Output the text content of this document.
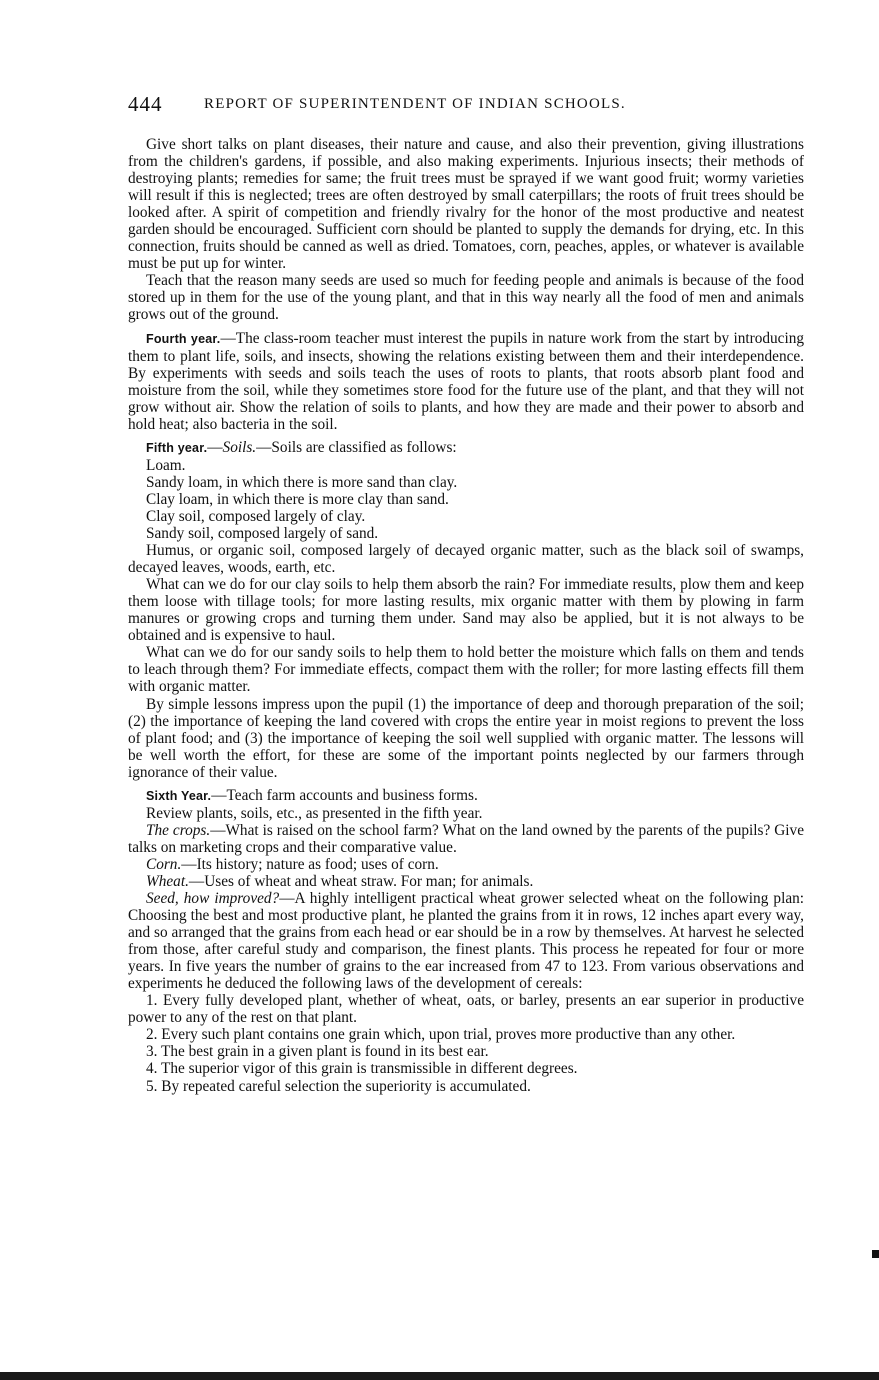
444	REPORT OF SUPERINTENDENT OF INDIAN SCHOOLS.

Give short talks on plant diseases, their nature and cause, and also their prevention, giving illustrations from the children's gardens, if possible, and also making experiments. Injurious insects; their methods of destroying plants; remedies for same; the fruit trees must be sprayed if we want good fruit; wormy varieties will result if this is neglected; trees are often destroyed by small caterpillars; the roots of fruit trees should be looked after. A spirit of competition and friendly rivalry for the honor of the most productive and neatest garden should be encouraged. Sufficient corn should be planted to supply the demands for drying, etc. In this connection, fruits should be canned as well as dried. Tomatoes, corn, peaches, apples, or whatever is available must be put up for winter.

Teach that the reason many seeds are used so much for feeding people and animals is because of the food stored up in them for the use of the young plant, and that in this way nearly all the food of men and animals grows out of the ground.

Fourth year.—The class-room teacher must interest the pupils in nature work from the start by introducing them to plant life, soils, and insects, showing the relations existing between them and their interdependence. By experiments with seeds and soils teach the uses of roots to plants, that roots absorb plant food and moisture from the soil, while they sometimes store food for the future use of the plant, and that they will not grow without air. Show the relation of soils to plants, and how they are made and their power to absorb and hold heat; also bacteria in the soil.

Fifth year.—Soils.—Soils are classified as follows:

Loam.

Sandy loam, in which there is more sand than clay.

Clay loam, in which there is more clay than sand.

Clay soil, composed largely of clay.

Sandy soil, composed largely of sand.

Humus, or organic soil, composed largely of decayed organic matter, such as the black soil of swamps, decayed leaves, woods, earth, etc.

What can we do for our clay soils to help them absorb the rain? For immediate results, plow them and keep them loose with tillage tools; for more lasting results, mix organic matter with them by plowing in farm manures or growing crops and turning them under. Sand may also be applied, but it is not always to be obtained and is expensive to haul.

What can we do for our sandy soils to help them to hold better the moisture which falls on them and tends to leach through them? For immediate effects, compact them with the roller; for more lasting effects fill them with organic matter.

By simple lessons impress upon the pupil (1) the importance of deep and thorough preparation of the soil; (2) the importance of keeping the land covered with crops the entire year in moist regions to prevent the loss of plant food; and (3) the importance of keeping the soil well supplied with organic matter. The lessons will be well worth the effort, for these are some of the important points neglected by our farmers through ignorance of their value.

Sixth Year.—Teach farm accounts and business forms.

Review plants, soils, etc., as presented in the fifth year.

The crops.—What is raised on the school farm? What on the land owned by the parents of the pupils? Give talks on marketing crops and their comparative value.

Corn.—Its history; nature as food; uses of corn.

Wheat.—Uses of wheat and wheat straw. For man; for animals.

Seed, how improved?—A highly intelligent practical wheat grower selected wheat on the following plan: Choosing the best and most productive plant, he planted the grains from it in rows, 12 inches apart every way, and so arranged that the grains from each head or ear should be in a row by themselves. At harvest he selected from those, after careful study and comparison, the finest plants. This process he repeated for four or more years. In five years the number of grains to the ear increased from 47 to 123. From various observations and experiments he deduced the following laws of the development of cereals:

1. Every fully developed plant, whether of wheat, oats, or barley, presents an ear superior in productive power to any of the rest on that plant.

2. Every such plant contains one grain which, upon trial, proves more productive than any other.

3. The best grain in a given plant is found in its best ear.

4. The superior vigor of this grain is transmissible in different degrees.

5. By repeated careful selection the superiority is accumulated.
